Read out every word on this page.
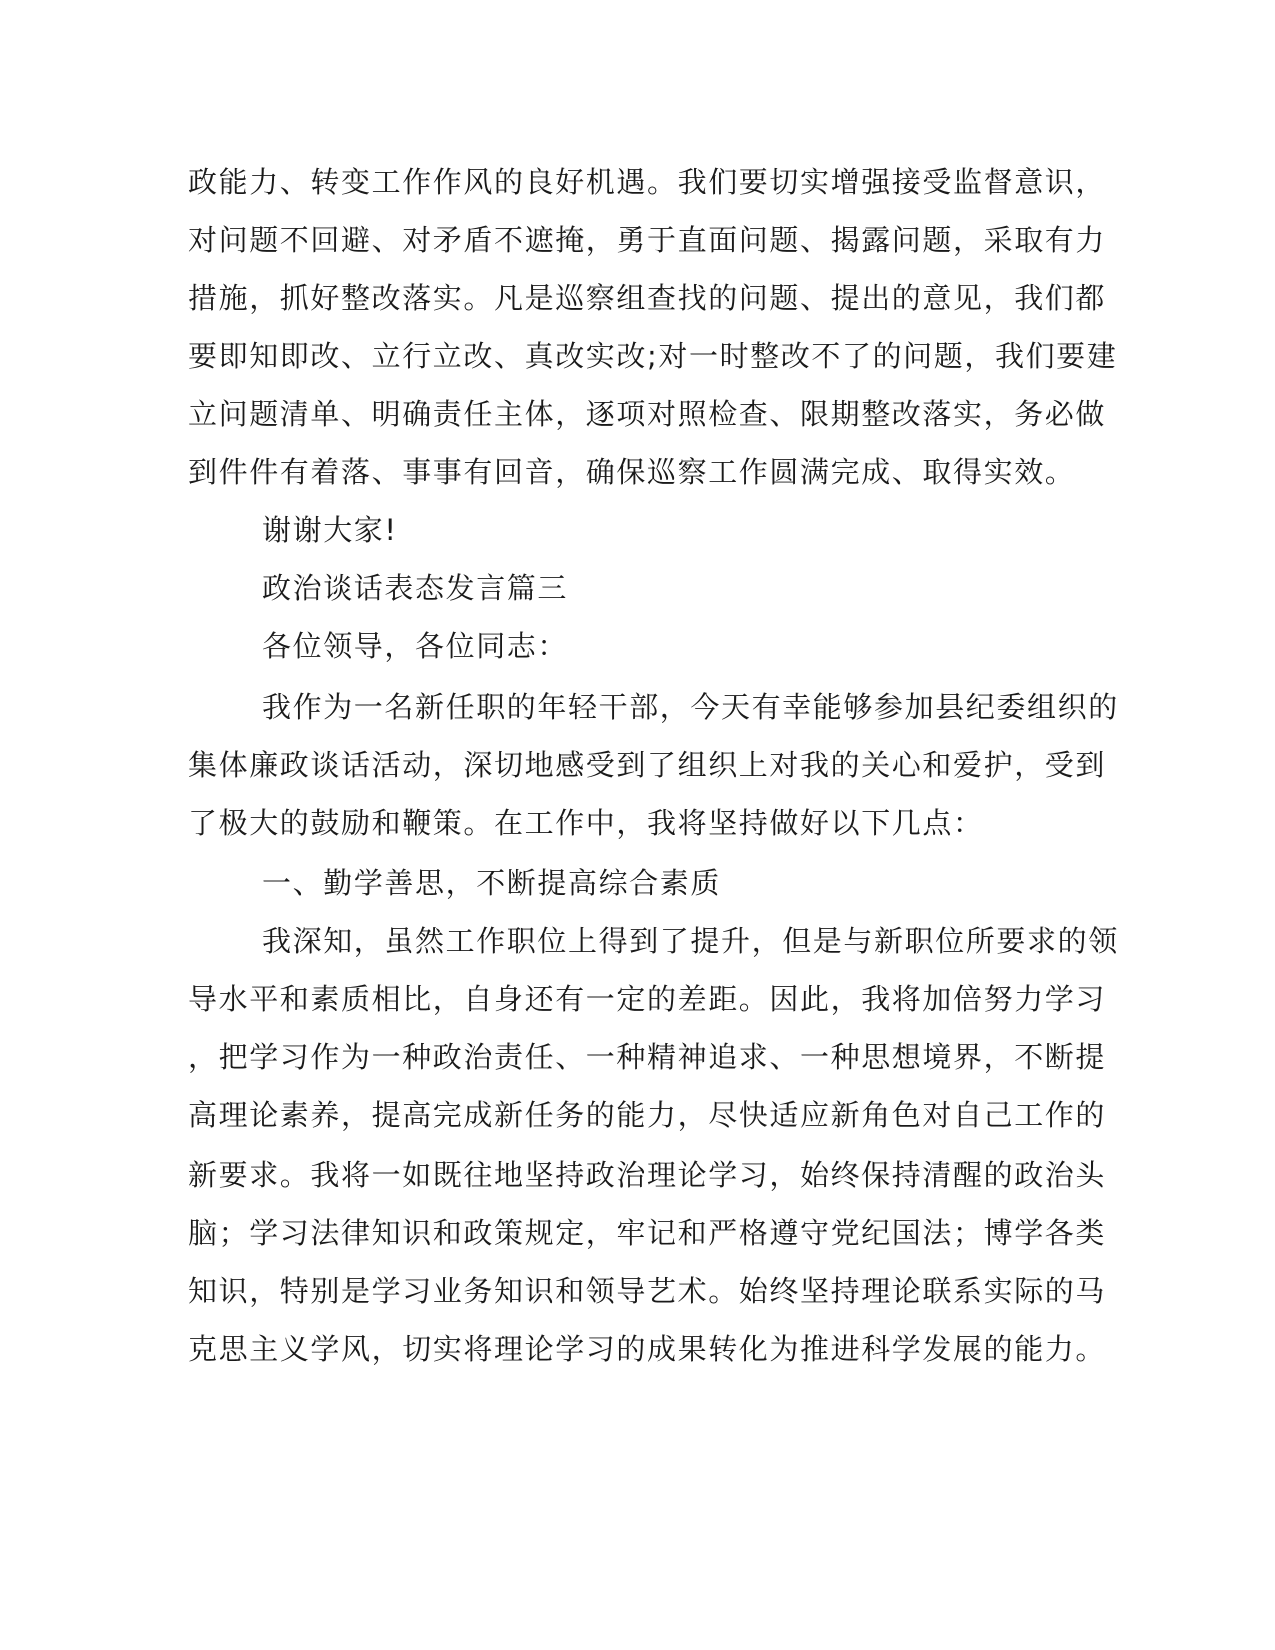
政能力、转变工作作风的良好机遇。我们要切实增强接受监督意识，
对问题不回避、对矛盾不遮掩，勇于直面问题、揭露问题，采取有力
措施，抓好整改落实。凡是巡察组查找的问题、提出的意见，我们都
要即知即改、立行立改、真改实改;对一时整改不了的问题，我们要建
立问题清单、明确责任主体，逐项对照检查、限期整改落实，务必做
到件件有着落、事事有回音，确保巡察工作圆满完成、取得实效。
谢谢大家!
政治谈话表态发言篇三
各位领导，各位同志：
我作为一名新任职的年轻干部，今天有幸能够参加县纪委组织的
集体廉政谈话活动，深切地感受到了组织上对我的关心和爱护，受到
了极大的鼓励和鞭策。在工作中，我将坚持做好以下几点：
一、勤学善思，不断提高综合素质
我深知，虽然工作职位上得到了提升，但是与新职位所要求的领
导水平和素质相比，自身还有一定的差距。因此，我将加倍努力学习
，把学习作为一种政治责任、一种精神追求、一种思想境界，不断提
高理论素养，提高完成新任务的能力，尽快适应新角色对自己工作的
新要求。我将一如既往地坚持政治理论学习，始终保持清醒的政治头
脑；学习法律知识和政策规定，牢记和严格遵守党纪国法；博学各类
知识，特别是学习业务知识和领导艺术。始终坚持理论联系实际的马
克思主义学风，切实将理论学习的成果转化为推进科学发展的能力。
